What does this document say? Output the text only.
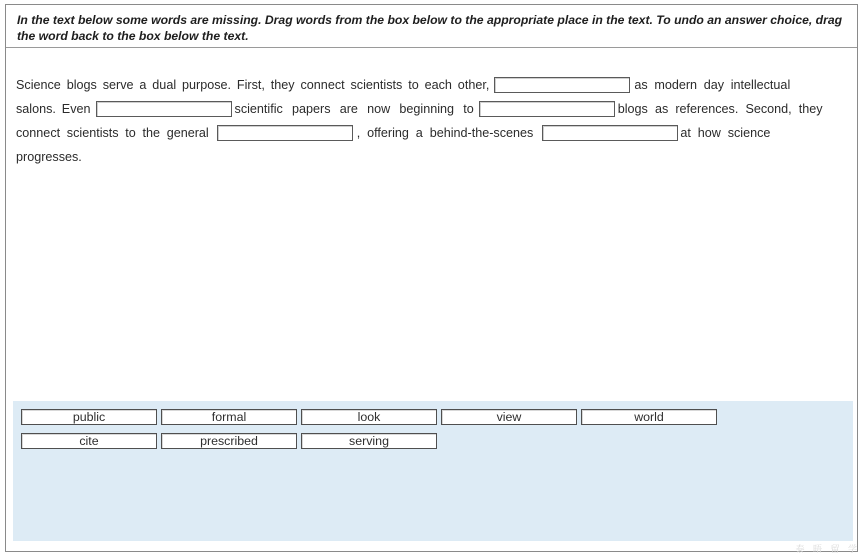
In the text below some words are missing. Drag words from the box below to the appropriate place in the text. To undo an answer choice, drag the word back to the box below the text.
Science blogs serve a dual purpose. First, they connect scientists to each other,	as modern day intellectual
salons. Even	scientific papers are now beginning to	blogs as references. Second, they
connect scientists to the general	, offering a behind-the-scenes	at how science
progresses.
public	formal	look	view	world
cite	prescribed	serving
泰 晤 留 学
